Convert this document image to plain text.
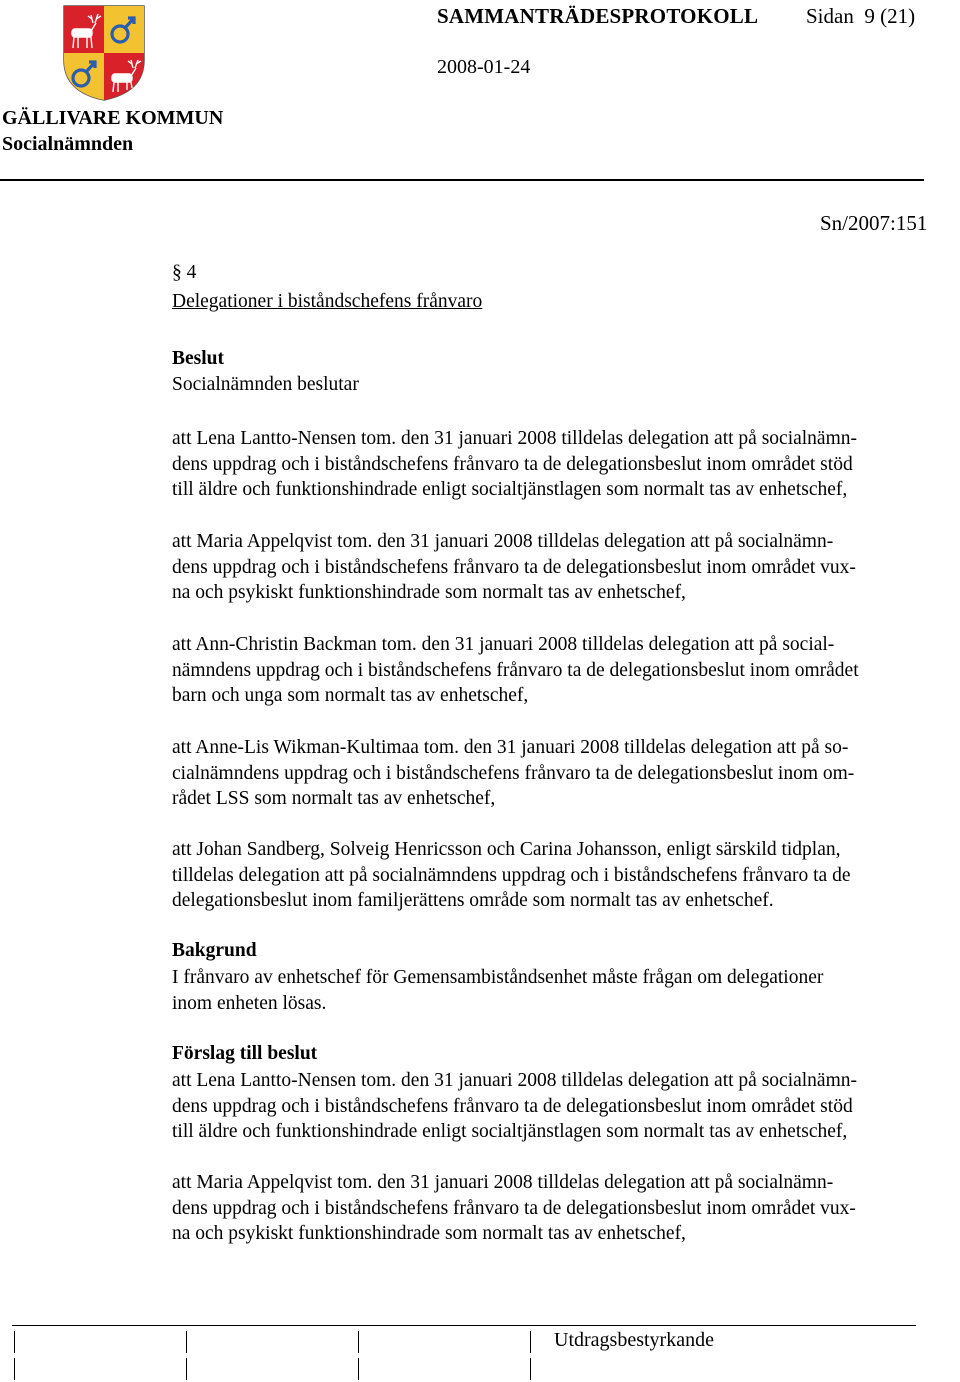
SAMMANTRÄDESPROTOKOLL Sidan  9 (21)
2008-01-24
GÄLLIVARE KOMMUN
Socialnämnden
Sn/2007:151
§ 4
Delegationer i biståndschefens frånvaro
Beslut
Socialnämnden beslutar
att Lena Lantto-Nensen tom. den 31 januari 2008 tilldelas delegation att på socialnämn-
dens uppdrag och i biståndschefens frånvaro ta de delegationsbeslut inom området stöd
till äldre och funktionshindrade enligt socialtjänstlagen som normalt tas av enhetschef,
att Maria Appelqvist tom. den 31 januari 2008 tilldelas delegation att på socialnämn-
dens uppdrag och i biståndschefens frånvaro ta de delegationsbeslut inom området vux-
na och psykiskt funktionshindrade som normalt tas av enhetschef,
att Ann-Christin Backman tom. den 31 januari 2008 tilldelas delegation att på social-
nämndens uppdrag och i biståndschefens frånvaro ta de delegationsbeslut inom området
barn och unga som normalt tas av enhetschef,
att Anne-Lis Wikman-Kultimaa tom. den 31 januari 2008 tilldelas delegation att på so-
cialnämndens uppdrag och i biståndschefens frånvaro ta de delegationsbeslut inom om-
rådet LSS som normalt tas av enhetschef,
att Johan Sandberg, Solveig Henricsson och Carina Johansson, enligt särskild tidplan,
tilldelas delegation att på socialnämndens uppdrag och i biståndschefens frånvaro ta de
delegationsbeslut inom familjerättens område som normalt tas av enhetschef.
Bakgrund
I frånvaro av enhetschef för Gemensambiståndsenhet måste frågan om delegationer
inom enheten lösas.
Förslag till beslut
att Lena Lantto-Nensen tom. den 31 januari 2008 tilldelas delegation att på socialnämn-
dens uppdrag och i biståndschefens frånvaro ta de delegationsbeslut inom området stöd
till äldre och funktionshindrade enligt socialtjänstlagen som normalt tas av enhetschef,
att Maria Appelqvist tom. den 31 januari 2008 tilldelas delegation att på socialnämn-
dens uppdrag och i biståndschefens frånvaro ta de delegationsbeslut inom området vux-
na och psykiskt funktionshindrade som normalt tas av enhetschef,
Utdragsbestyrkande
